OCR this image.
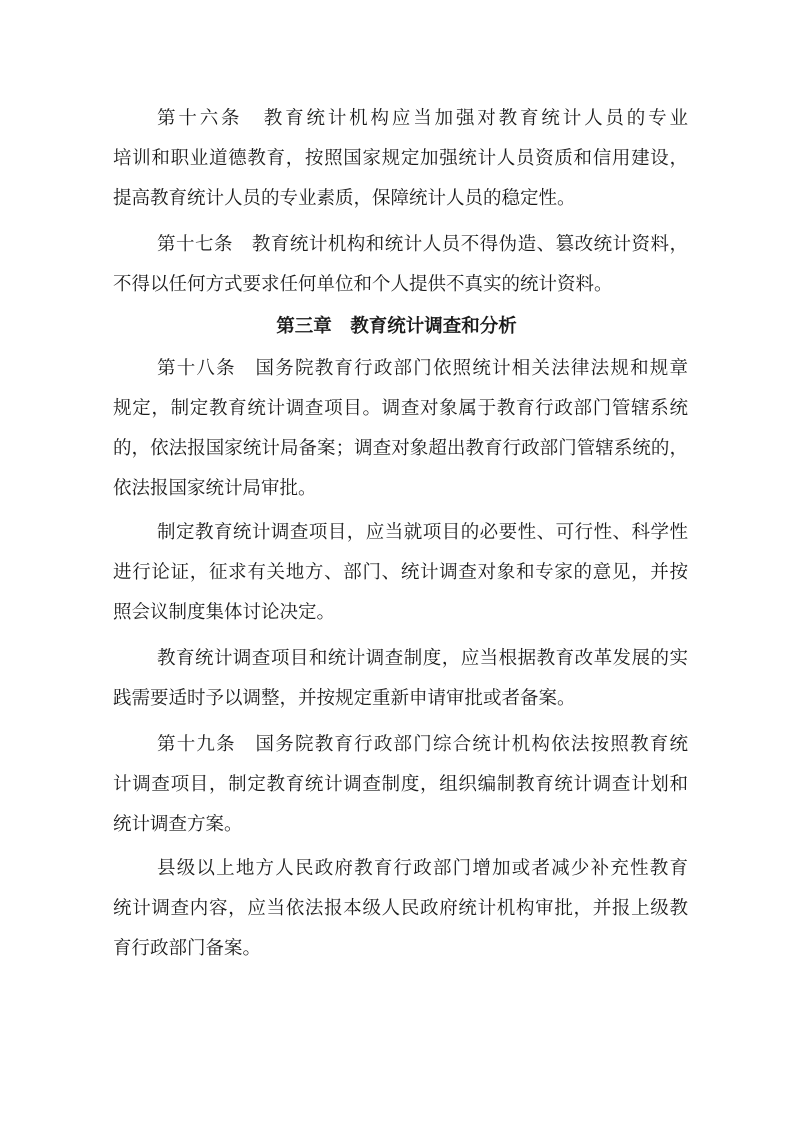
第十六条　教育统计机构应当加强对教育统计人员的专业
培训和职业道德教育，按照国家规定加强统计人员资质和信用建设，
提高教育统计人员的专业素质，保障统计人员的稳定性。
第十七条　教育统计机构和统计人员不得伪造、篡改统计资料，
不得以任何方式要求任何单位和个人提供不真实的统计资料。
第三章　教育统计调查和分析
第十八条　国务院教育行政部门依照统计相关法律法规和规章
规定，制定教育统计调查项目。调查对象属于教育行政部门管辖系统
的，依法报国家统计局备案；调查对象超出教育行政部门管辖系统的，
依法报国家统计局审批。
制定教育统计调查项目，应当就项目的必要性、可行性、科学性
进行论证，征求有关地方、部门、统计调查对象和专家的意见，并按
照会议制度集体讨论决定。
教育统计调查项目和统计调查制度，应当根据教育改革发展的实
践需要适时予以调整，并按规定重新申请审批或者备案。
第十九条　国务院教育行政部门综合统计机构依法按照教育统
计调查项目，制定教育统计调查制度，组织编制教育统计调查计划和
统计调查方案。
县级以上地方人民政府教育行政部门增加或者减少补充性教育
统计调查内容，应当依法报本级人民政府统计机构审批，并报上级教
育行政部门备案。
